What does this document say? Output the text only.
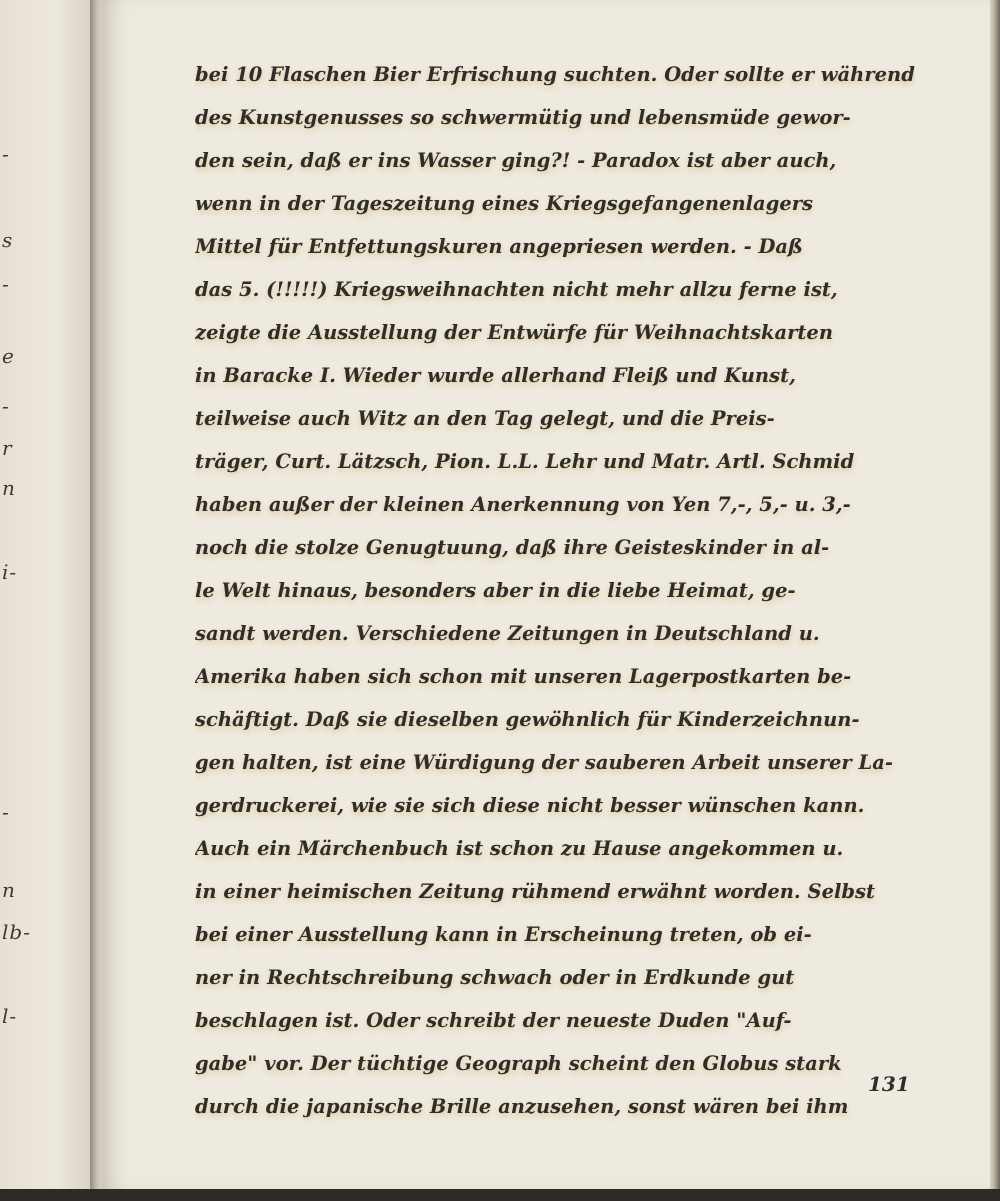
-
s
-
e
-
r
n
i-
-
n
lb-
l-
bei 10 Flaschen Bier Erfrischung suchten. Oder sollte er während
des Kunstgenusses so schwermütig und lebensmüde gewor-
den sein, daß er ins Wasser ging?! - Paradox ist aber auch,
wenn in der Tageszeitung eines Kriegsgefangenenlagers
Mittel für Entfettungskuren angepriesen werden. - Daß
das 5. (!!!!!) Kriegsweihnachten nicht mehr allzu ferne ist,
zeigte die Ausstellung der Entwürfe für Weihnachtskarten
in Baracke I. Wieder wurde allerhand Fleiß und Kunst,
teilweise auch Witz an den Tag gelegt, und die Preis-
träger, Curt. Lätzsch, Pion. L.L. Lehr und Matr. Artl. Schmid
haben außer der kleinen Anerkennung von Yen 7,-, 5,- u. 3,-
noch die stolze Genugtuung, daß ihre Geisteskinder in al-
le Welt hinaus, besonders aber in die liebe Heimat, ge-
sandt werden. Verschiedene Zeitungen in Deutschland u.
Amerika haben sich schon mit unseren Lagerpostkarten be-
schäftigt. Daß sie dieselben gewöhnlich für Kinderzeichnun-
gen halten, ist eine Würdigung der sauberen Arbeit unserer La-
gerdruckerei, wie sie sich diese nicht besser wünschen kann.
Auch ein Märchenbuch ist schon zu Hause angekommen u.
in einer heimischen Zeitung rühmend erwähnt worden. Selbst
bei einer Ausstellung kann in Erscheinung treten, ob ei-
ner in Rechtschreibung schwach oder in Erdkunde gut
beschlagen ist. Oder schreibt der neueste Duden "Auf-
gabe" vor. Der tüchtige Geograph scheint den Globus stark
durch die japanische Brille anzusehen, sonst wären bei ihm
131
